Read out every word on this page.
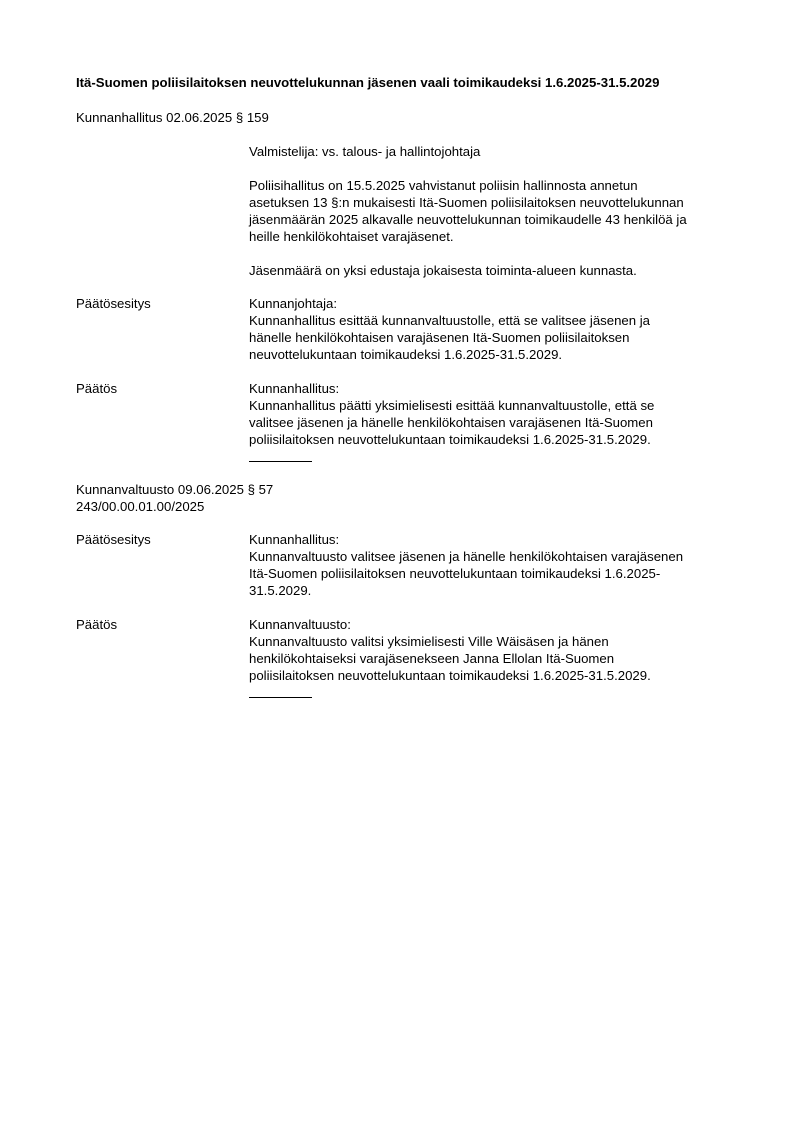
Itä-Suomen poliisilaitoksen neuvottelukunnan jäsenen vaali toimikaudeksi 1.6.2025-31.5.2029
Kunnanhallitus 02.06.2025 § 159

Valmistelija: vs. talous- ja hallintojohtaja

Poliisihallitus on 15.5.2025 vahvistanut poliisin hallinnosta annetun

asetuksen 13 §:n mukaisesti Itä-Suomen poliisilaitoksen neuvottelukunnan

jäsenmäärän 2025 alkavalle neuvottelukunnan toimikaudelle 43 henkilöä ja

heille henkilökohtaiset varajäsenet.

Jäsenmäärä on yksi edustaja jokaisesta toiminta-alueen kunnasta.

Päätösesitys	Kunnanjohtaja:

Kunnanhallitus esittää kunnanvaltuustolle, että se valitsee jäsenen ja

hänelle henkilökohtaisen varajäsenen Itä-Suomen poliisilaitoksen

neuvottelukuntaan toimikaudeksi 1.6.2025-31.5.2029.

Päätös	Kunnanhallitus:

Kunnanhallitus päätti yksimielisesti esittää kunnanvaltuustolle, että se

valitsee jäsenen ja hänelle henkilökohtaisen varajäsenen Itä-Suomen

poliisilaitoksen neuvottelukuntaan toimikaudeksi 1.6.2025-31.5.2029.

Kunnanvaltuusto 09.06.2025 § 57
243/00.00.01.00/2025
Päätösesitys	Kunnanhallitus:

Kunnanvaltuusto valitsee jäsenen ja hänelle henkilökohtaisen varajäsenen

Itä-Suomen poliisilaitoksen neuvottelukuntaan toimikaudeksi 1.6.2025-

31.5.2029.

Päätös	Kunnanvaltuusto:

Kunnanvaltuusto valitsi yksimielisesti Ville Wäisäsen ja hänen

henkilökohtaiseksi varajäsenekseen Janna Ellolan Itä-Suomen

poliisilaitoksen neuvottelukuntaan toimikaudeksi 1.6.2025-31.5.2029.
